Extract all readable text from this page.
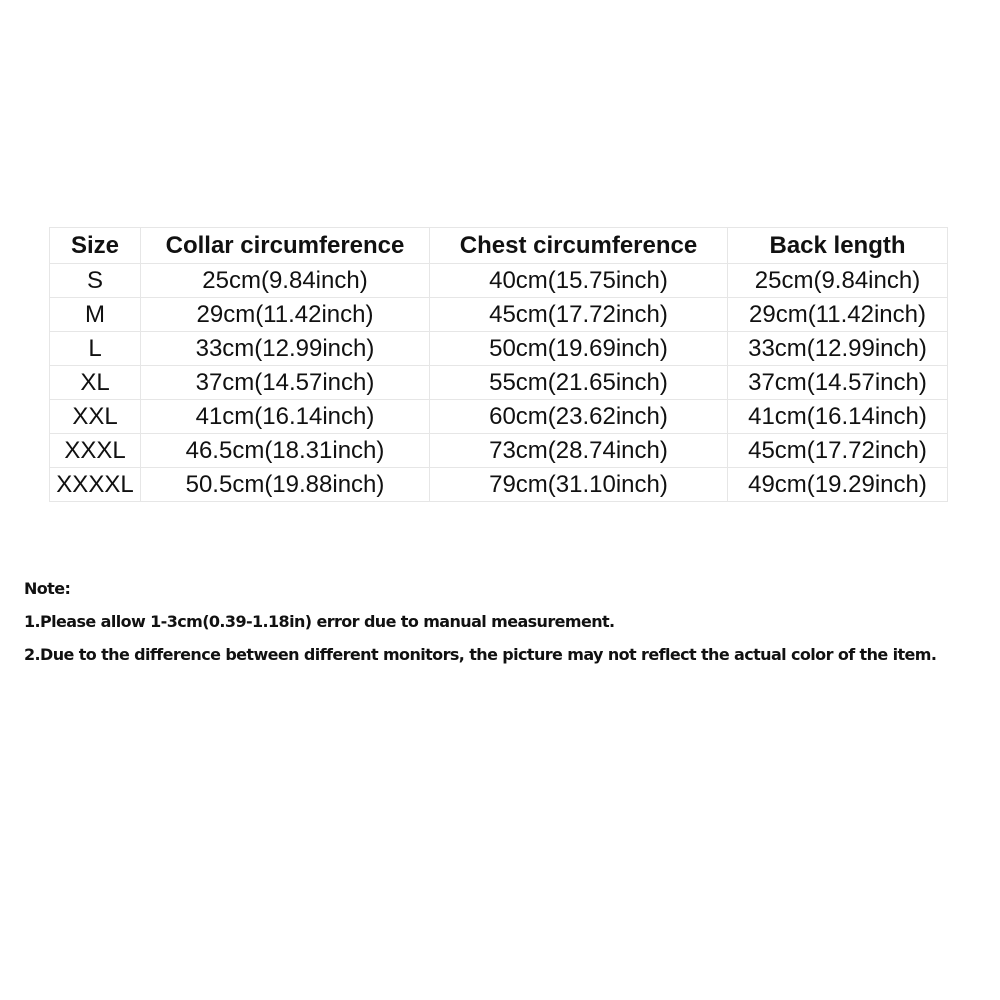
Size	Collar circumference	Chest circumference	Back length
S	25cm(9.84inch)	40cm(15.75inch)	25cm(9.84inch)
M	29cm(11.42inch)	45cm(17.72inch)	29cm(11.42inch)
L	33cm(12.99inch)	50cm(19.69inch)	33cm(12.99inch)
XL	37cm(14.57inch)	55cm(21.65inch)	37cm(14.57inch)
XXL	41cm(16.14inch)	60cm(23.62inch)	41cm(16.14inch)
XXXL	46.5cm(18.31inch)	73cm(28.74inch)	45cm(17.72inch)
XXXXL	50.5cm(19.88inch)	79cm(31.10inch)	49cm(19.29inch)
Note:
1.Please allow 1-3cm(0.39-1.18in) error due to manual measurement.
2.Due to the difference between different monitors, the picture may not reflect the actual color of the item.
